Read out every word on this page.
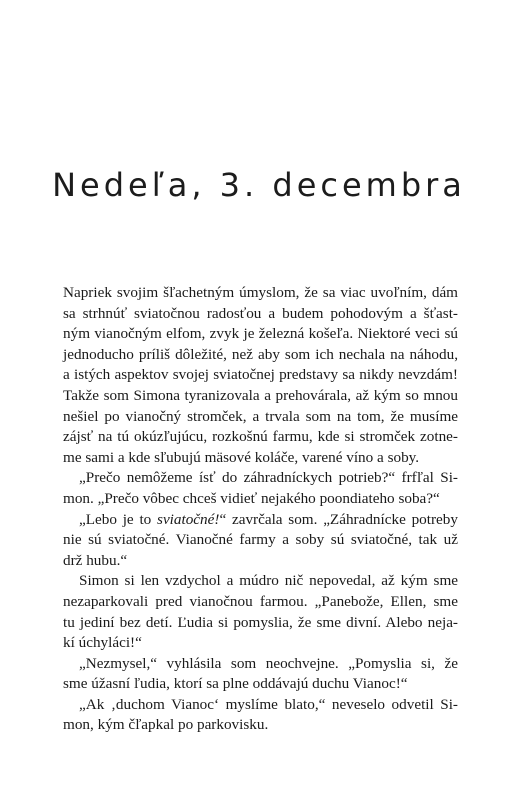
Nedeľa, 3. decembra
Napriek svojim šľachetným úmyslom, že sa viac uvoľním, dám
sa strhnúť sviatočnou radosťou a budem pohodovým a šťast-
ným vianočným elfom, zvyk je železná košeľa. Niektoré veci sú
jednoducho príliš dôležité, než aby som ich nechala na náhodu,
a istých aspektov svojej sviatočnej predstavy sa nikdy nevzdám!
Takže som Simona tyranizovala a prehovárala, až kým so mnou
nešiel po vianočný stromček, a trvala som na tom, že musíme
zájsť na tú okúzľujúcu, rozkošnú farmu, kde si stromček zotne-
me sami a kde sľubujú mäsové koláče, varené víno a soby.
„Prečo nemôžeme ísť do záhradníckych potrieb?“ frfľal Si-
mon. „Prečo vôbec chceš vidieť nejakého poondiateho soba?“
„Lebo je to sviatočné!“ zavrčala som. „Záhradnícke potreby
nie sú sviatočné. Vianočné farmy a soby sú sviatočné, tak už
drž hubu.“
Simon si len vzdychol a múdro nič nepovedal, až kým sme
nezaparkovali pred vianočnou farmou. „Panebože, Ellen, sme
tu jediní bez detí. Ľudia si pomyslia, že sme divní. Alebo neja-
kí úchyláci!“
„Nezmysel,“ vyhlásila som neochvejne. „Pomyslia si, že
sme úžasní ľudia, ktorí sa plne oddávajú duchu Vianoc!“
„Ak ‚duchom Vianoc‘ myslíme blato,“ neveselo odvetil Si-
mon, kým čľapkal po parkovisku.
